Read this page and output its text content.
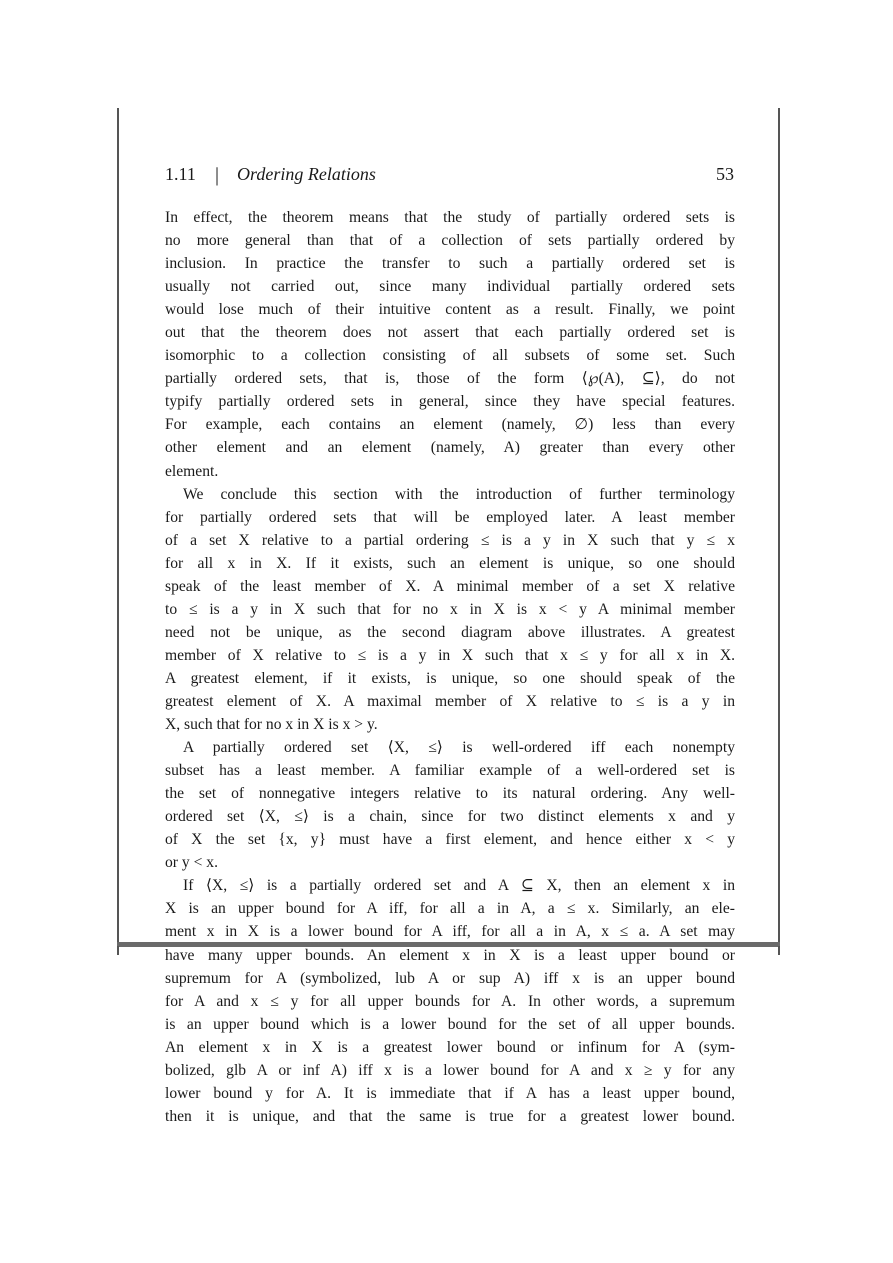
1.11 | Ordering Relations	53
In effect, the theorem means that the study of partially ordered sets is
no more general than that of a collection of sets partially ordered by
inclusion. In practice the transfer to such a partially ordered set is
usually not carried out, since many individual partially ordered sets
would lose much of their intuitive content as a result. Finally, we point
out that the theorem does not assert that each partially ordered set is
isomorphic to a collection consisting of all subsets of some set. Such
partially ordered sets, that is, those of the form ⟨℘(A), ⊆⟩, do not
typify partially ordered sets in general, since they have special features.
For example, each contains an element (namely, ∅) less than every
other element and an element (namely, A) greater than every other
element.
We conclude this section with the introduction of further terminology
for partially ordered sets that will be employed later. A least member
of a set X relative to a partial ordering ≤ is a y in X such that y ≤ x
for all x in X. If it exists, such an element is unique, so one should
speak of the least member of X. A minimal member of a set X relative
to ≤ is a y in X such that for no x in X is x < y A minimal member
need not be unique, as the second diagram above illustrates. A greatest
member of X relative to ≤ is a y in X such that x ≤ y for all x in X.
A greatest element, if it exists, is unique, so one should speak of the
greatest element of X. A maximal member of X relative to ≤ is a y in
X, such that for no x in X is x > y.
A partially ordered set ⟨X, ≤⟩ is well-ordered iff each nonempty
subset has a least member. A familiar example of a well-ordered set is
the set of nonnegative integers relative to its natural ordering. Any well-
ordered set ⟨X, ≤⟩ is a chain, since for two distinct elements x and y
of X the set {x, y} must have a first element, and hence either x < y
or y < x.
If ⟨X, ≤⟩ is a partially ordered set and A ⊆ X, then an element x in
X is an upper bound for A iff, for all a in A, a ≤ x. Similarly, an ele-
ment x in X is a lower bound for A iff, for all a in A, x ≤ a. A set may
have many upper bounds. An element x in X is a least upper bound or
supremum for A (symbolized, lub A or sup A) iff x is an upper bound
for A and x ≤ y for all upper bounds for A. In other words, a supremum
is an upper bound which is a lower bound for the set of all upper bounds.
An element x in X is a greatest lower bound or infinum for A (sym-
bolized, glb A or inf A) iff x is a lower bound for A and x ≥ y for any
lower bound y for A. It is immediate that if A has a least upper bound,
then it is unique, and that the same is true for a greatest lower bound.
